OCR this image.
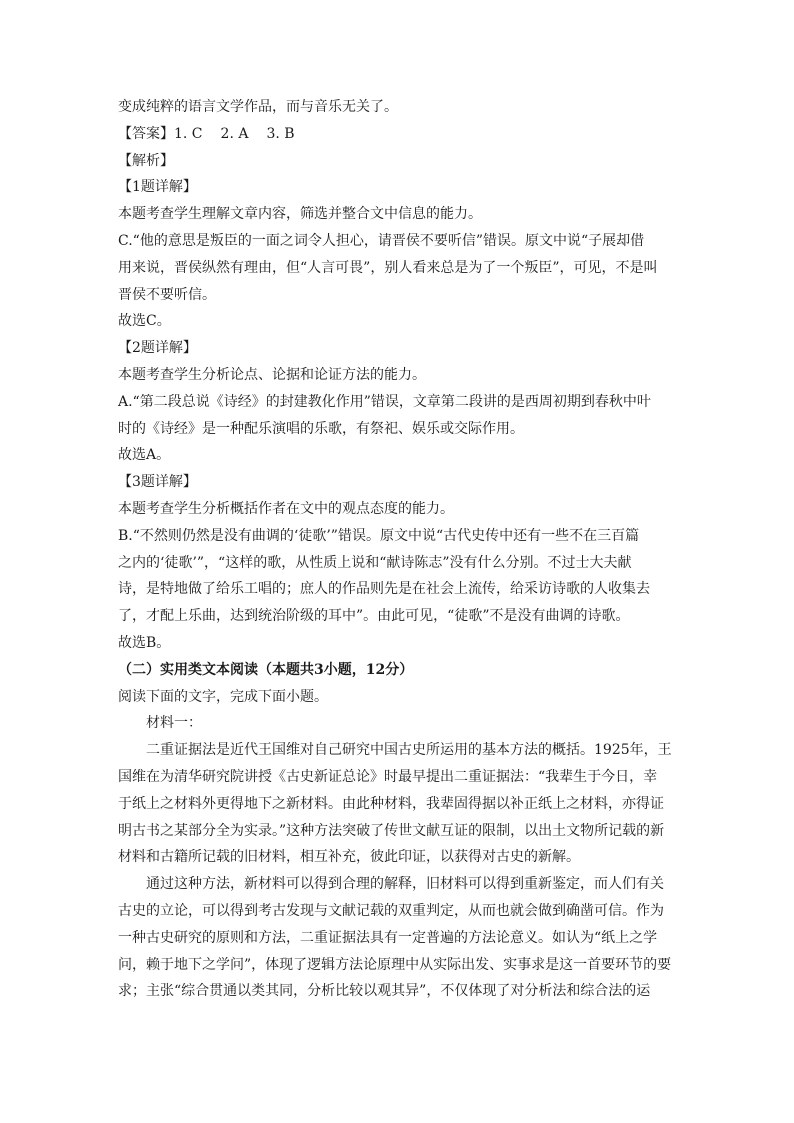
变成纯粹的语言文学作品，而与音乐无关了。
【答案】1. C 2. A 3. B
【解析】
【1题详解】
本题考查学生理解文章内容，筛选并整合文中信息的能力。
C.“他的意思是叛臣的一面之词令人担心，请晋侯不要听信”错误。原文中说“子展却借
用来说，晋侯纵然有理由，但“人言可畏”，别人看来总是为了一个叛臣”，可见，不是叫
晋侯不要听信。
故选C。
【2题详解】
本题考查学生分析论点、论据和论证方法的能力。
A.“第二段总说《诗经》的封建教化作用”错误，文章第二段讲的是西周初期到春秋中叶
时的《诗经》是一种配乐演唱的乐歌，有祭祀、娱乐或交际作用。
故选A。
【3题详解】
本题考查学生分析概括作者在文中的观点态度的能力。
B.“不然则仍然是没有曲调的‘徒歌’”错误。原文中说“古代史传中还有一些不在三百篇
之内的‘徒歌’”，“这样的歌，从性质上说和“献诗陈志”没有什么分别。不过士大夫献
诗，是特地做了给乐工唱的；庶人的作品则先是在社会上流传，给采访诗歌的人收集去
了，才配上乐曲，达到统治阶级的耳中”。由此可见，“徒歌”不是没有曲调的诗歌。
故选B。
（二）实用类文本阅读（本题共3小题，12分）
阅读下面的文字，完成下面小题。
材料一：
二重证据法是近代王国维对自己研究中国古史所运用的基本方法的概括。1925年，王
国维在为清华研究院讲授《古史新证总论》时最早提出二重证据法：“我辈生于今日，幸
于纸上之材料外更得地下之新材料。由此种材料，我辈固得据以补正纸上之材料，亦得证
明古书之某部分全为实录。”这种方法突破了传世文献互证的限制，以出土文物所记载的新
材料和古籍所记载的旧材料，相互补充，彼此印证，以获得对古史的新解。
通过这种方法，新材料可以得到合理的解释，旧材料可以得到重新鉴定，而人们有关
古史的立论，可以得到考古发现与文献记载的双重判定，从而也就会做到确凿可信。作为
一种古史研究的原则和方法，二重证据法具有一定普遍的方法论意义。如认为“纸上之学
问，赖于地下之学问”，体现了逻辑方法论原理中从实际出发、实事求是这一首要环节的要
求；主张“综合贯通以类其同，分析比较以观其异”，不仅体现了对分析法和综合法的运
